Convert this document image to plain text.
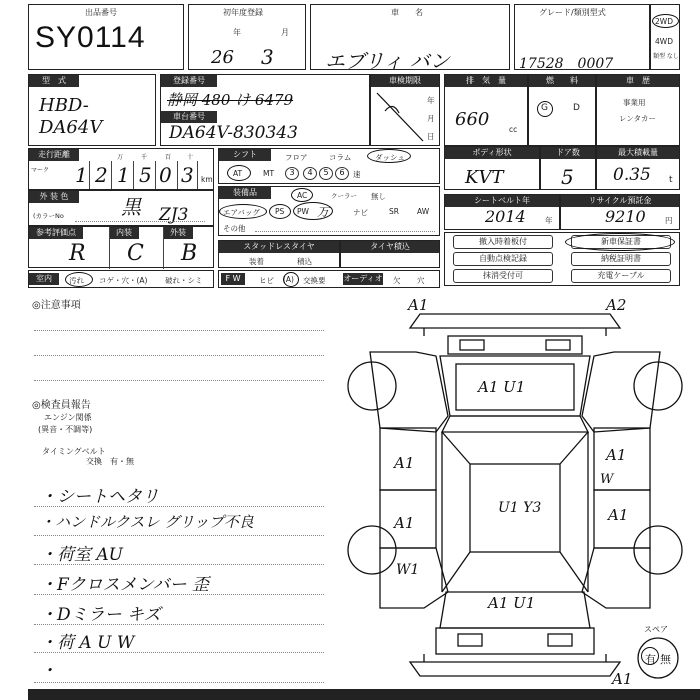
出品番号
SY0114
初年度登録
年	月
26 3
車　　名
エブリィ バン
グレード/類別型式
17528　0007
2WD
4WD
類型 なし
型　式
HBD-DA64V
登録番号
静岡 480 け 6479
車台番号
DA64V-830343
車検期限
年
月
日
排　気　量
660	cc
燃　　料
G	D
車　歴
事業用
レンタカー
走行距離
マーク
万	千	百	十
1 2 1 5 0 3 km
シフト	フロア	コラム	ダッシュ
AT	MT	3	4	5	6	速
ボディ形状
KVT
ドア数
5
最大積載量
0.35 t
外 装 色
(カラーNo	黒 ZJ3
装備品	AC	クーラー 無し
エアバッグ PS PW 万	ナビ	SR AW
その他
シートベルト年
2014	年
リサイクル預託金
9210	円
参考評価点	内装	外装
R C B	スタッドレスタイヤ
装着	積込
タイヤ積込
撤入時着板付	新車保証書
自動点検記録	納税証明書
抹消受付可	充電ケーブル
室内	汚れ コゲ・穴・(A) 破れ・シミ	F W	ヒビ (A) 交換要 オーディオ 欠 穴
◎注意事項
◎検査員報告
エンジン関係
(異音・不調等)
タイミングベルト
交換　有・無
・シートヘタリ
・ハンドルクスレ グリップ不良
・荷室 AU
・Fクロスメンバー 歪
・Dミラー キズ
・荷 A U W
・
A1	A2
A1 U1
A1
A1
W1
U1 Y3
A1
W
A1
A1 U1
A1
スペア
有 無
